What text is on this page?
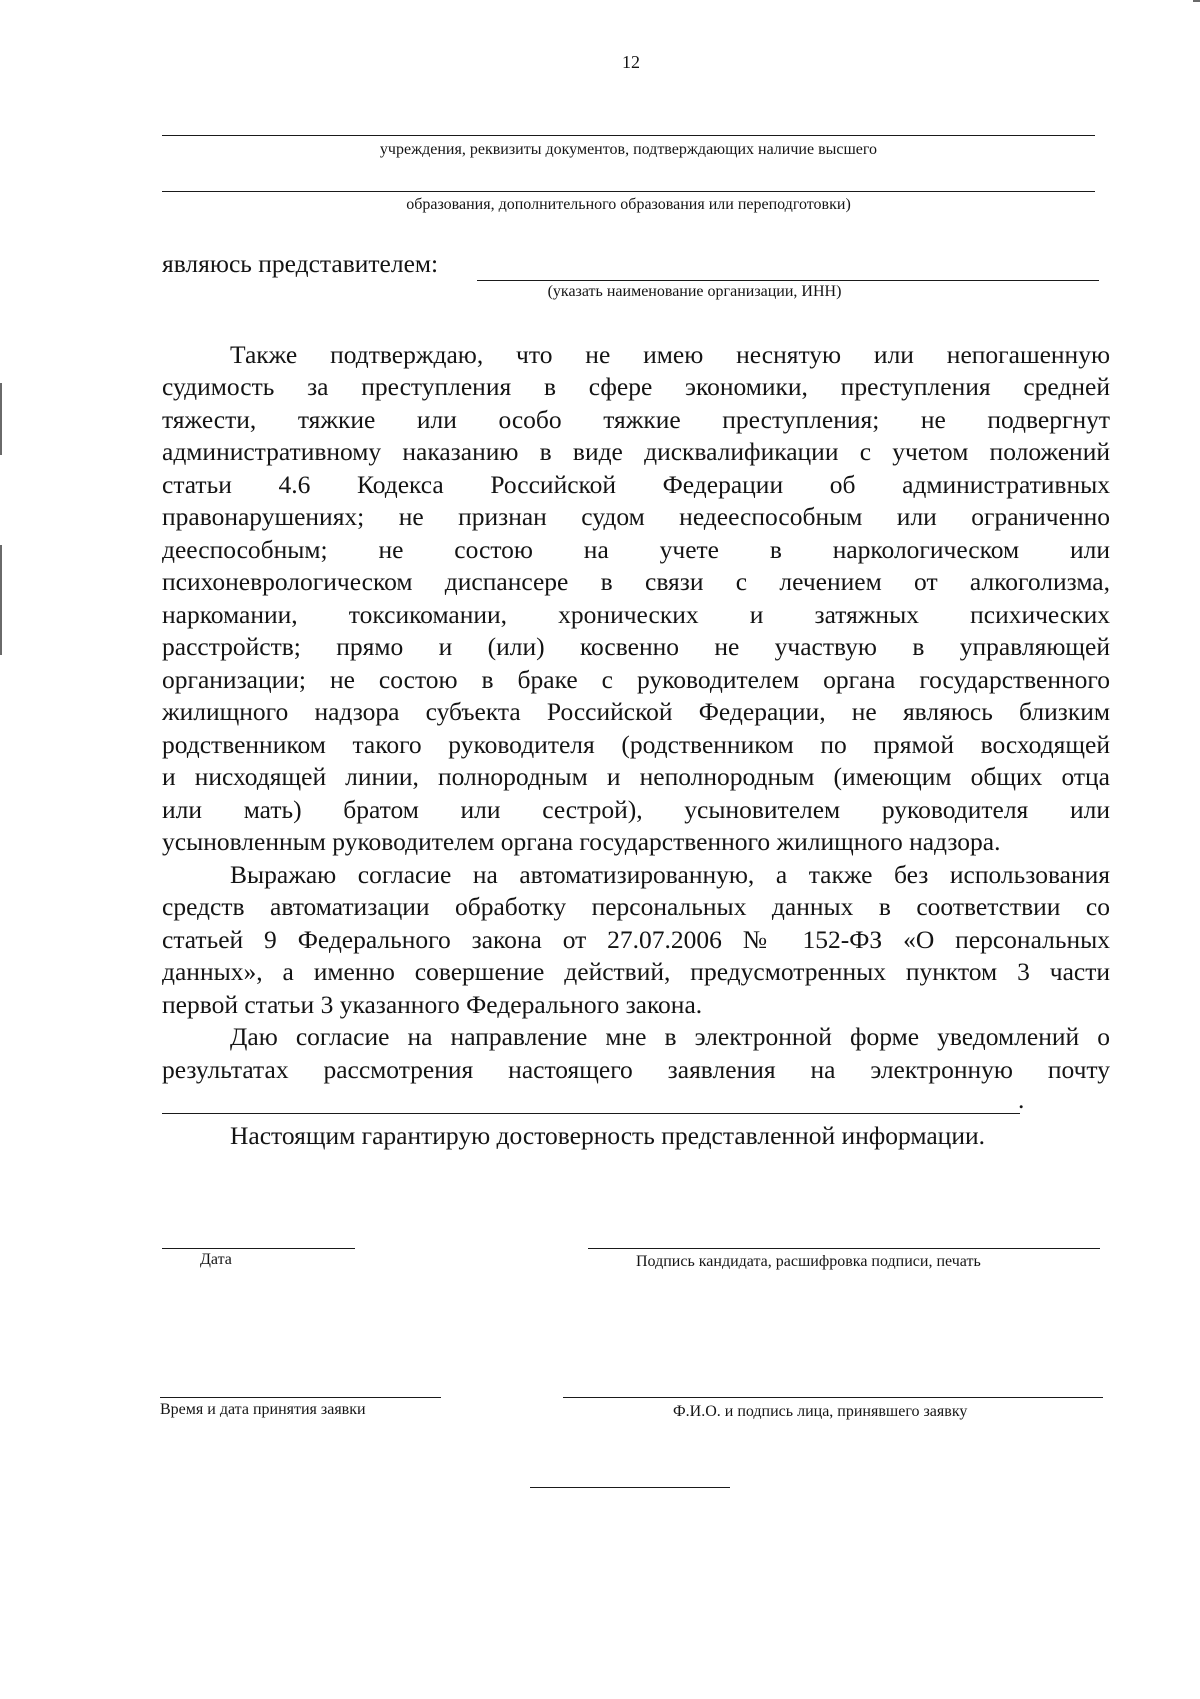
12
учреждения, реквизиты документов, подтверждающих наличие высшего
образования, дополнительного образования или переподготовки)
являюсь представителем:
(указать наименование организации, ИНН)
Также подтверждаю, что не имею неснятую или непогашенную
судимость за преступления в сфере экономики, преступления средней
тяжести, тяжкие или особо тяжкие преступления; не подвергнут
административному наказанию в виде дисквалификации с учетом положений
статьи 4.6 Кодекса Российской Федерации об административных
правонарушениях; не признан судом недееспособным или ограниченно
дееспособным; не состою на учете в наркологическом или
психоневрологическом диспансере в связи с лечением от алкоголизма,
наркомании, токсикомании, хронических и затяжных психических
расстройств; прямо и (или) косвенно не участвую в управляющей
организации; не состою в браке с руководителем органа государственного
жилищного надзора субъекта Российской Федерации, не являюсь близким
родственником такого руководителя (родственником по прямой восходящей
и нисходящей линии, полнородным и неполнородным (имеющим общих отца
или мать) братом или сестрой), усыновителем руководителя или
усыновленным руководителем органа государственного жилищного надзора.
Выражаю согласие на автоматизированную, а также без использования
средств автоматизации обработку персональных данных в соответствии со
статьей 9 Федерального закона от 27.07.2006 № 152-ФЗ «О персональных
данных», а именно совершение действий, предусмотренных пунктом 3 части
первой статьи 3 указанного Федерального закона.
Даю согласие на направление мне в электронной форме уведомлений о
результатах рассмотрения настоящего заявления на электронную почту
.
Настоящим гарантирую достоверность представленной информации.
Дата	Подпись кандидата, расшифровка подписи, печать
Время и дата принятия заявки	Ф.И.О. и подпись лица, принявшего заявку
